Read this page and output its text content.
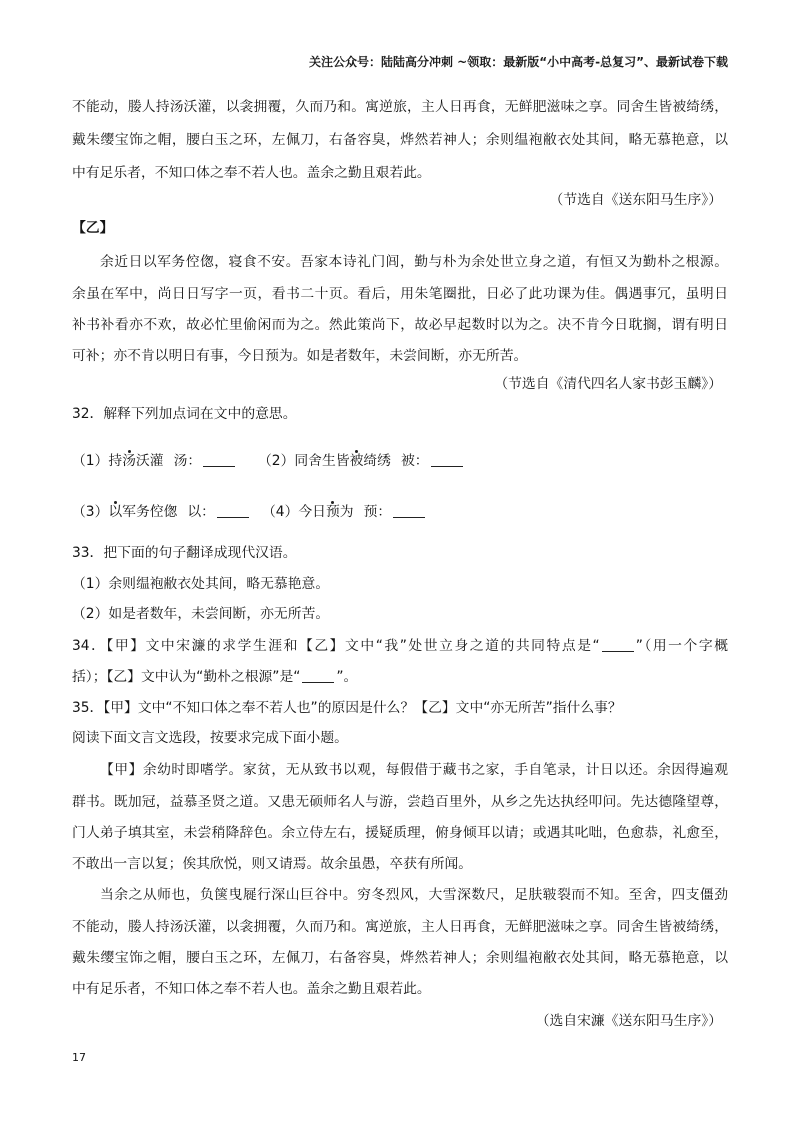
关注公众号：陆陆高分冲刺 ~领取：最新版“小中高考-总复习”、最新试卷下载
不能动，媵人持汤沃灌，以衾拥覆，久而乃和。寓逆旅，主人日再食，无鲜肥滋味之享。同舍生皆被绮绣，
戴朱缨宝饰之帽，腰白玉之环，左佩刀，右备容臭，烨然若神人；余则缊袍敝衣处其间，略无慕艳意，以
中有足乐者，不知口体之奉不若人也。盖余之勤且艰若此。
（节选自《送东阳马生序》）
【乙】
余近日以军务倥偬，寝食不安。吾家本诗礼门闾，勤与朴为余处世立身之道，有恒又为勤朴之根源。
余虽在军中，尚日日写字一页，看书二十页。看后，用朱笔圈批，日必了此功课为佳。偶遇事冗，虽明日
补书补看亦不欢，故必忙里偷闲而为之。然此策尚下，故必早起数时以为之。决不肯今日耽搁，谓有明日
可补；亦不肯以明日有事，今日预为。如是者数年，未尝间断，亦无所苦。
（节选自《清代四名人家书彭玉麟》）
32．解释下列加点词在文中的意思。
（1）持汤沃灌 汤：	（2）同舍生皆被绮绣 被：
（3）以军务倥偬 以：	（4）今日预为 预：
33．把下面的句子翻译成现代汉语。
（1）余则缊袍敝衣处其间，略无慕艳意。
（2）如是者数年，未尝间断，亦无所苦。
34．【甲】文中宋濂的求学生涯和【乙】文中“我”处世立身之道的共同特点是“	”（用一个字概
括）；【乙】文中认为“勤朴之根源”是“	”。
35．【甲】文中“不知口体之奉不若人也”的原因是什么？【乙】文中“亦无所苦”指什么事？
阅读下面文言文选段，按要求完成下面小题。
【甲】余幼时即嗜学。家贫，无从致书以观，每假借于藏书之家，手自笔录，计日以还。余因得遍观
群书。既加冠，益慕圣贤之道。又患无硕师名人与游，尝趋百里外，从乡之先达执经叩问。先达德隆望尊，
门人弟子填其室，未尝稍降辞色。余立侍左右，援疑质理，俯身倾耳以请；或遇其叱咄，色愈恭，礼愈至，
不敢出一言以复；俟其欣悦，则又请焉。故余虽愚，卒获有所闻。
当余之从师也，负箧曳屣行深山巨谷中。穷冬烈风，大雪深数尺，足肤皲裂而不知。至舍，四支僵劲
不能动，媵人持汤沃灌，以衾拥覆，久而乃和。寓逆旅，主人日再食，无鲜肥滋味之享。同舍生皆被绮绣，
戴朱缨宝饰之帽，腰白玉之环，左佩刀，右备容臭，烨然若神人；余则缊袍敝衣处其间，略无慕艳意，以
中有足乐者，不知口体之奉不若人也。盖余之勤且艰若此。
（选自宋濂《送东阳马生序》）
17
